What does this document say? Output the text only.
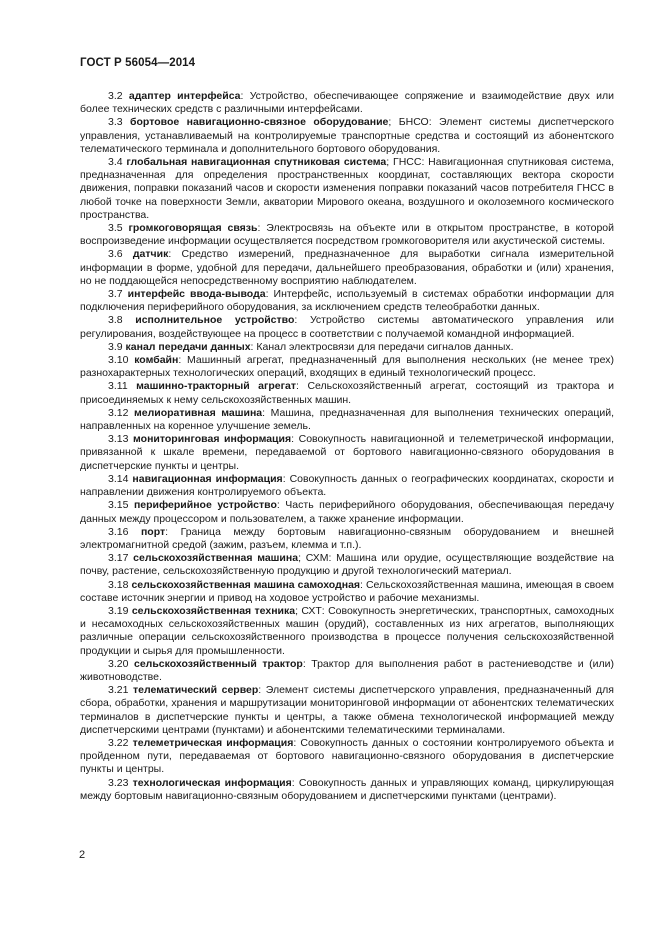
ГОСТ Р 56054—2014

3.2 адаптер интерфейса: Устройство, обеспечивающее сопряжение и взаимодействие двух или более технических средств с различными интерфейсами.

3.3 бортовое навигационно-связное оборудование; БНСО: Элемент системы диспетчерского управления, устанавливаемый на контролируемые транспортные средства и состоящий из абонентского телематического терминала и дополнительного бортового оборудования.

3.4 глобальная навигационная спутниковая система; ГНСС: Навигационная спутниковая система, предназначенная для определения пространственных координат, составляющих вектора скорости движения, поправки показаний часов и скорости изменения поправки показаний часов потребителя ГНСС в любой точке на поверхности Земли, акватории Мирового океана, воздушного и околоземного космического пространства.

3.5 громкоговорящая связь: Электросвязь на объекте или в открытом пространстве, в которой воспроизведение информации осуществляется посредством громкоговорителя или акустической системы.

3.6 датчик: Средство измерений, предназначенное для выработки сигнала измерительной информации в форме, удобной для передачи, дальнейшего преобразования, обработки и (или) хранения, но не поддающейся непосредственному восприятию наблюдателем.

3.7 интерфейс ввода-вывода: Интерфейс, используемый в системах обработки информации для подключения периферийного оборудования, за исключением средств телеобработки данных.

3.8 исполнительное устройство: Устройство системы автоматического управления или регулирования, воздействующее на процесс в соответствии с получаемой командной информацией.

3.9 канал передачи данных: Канал электросвязи для передачи сигналов данных.

3.10 комбайн: Машинный агрегат, предназначенный для выполнения нескольких (не менее трех) разнохарактерных технологических операций, входящих в единый технологический процесс.

3.11 машинно-тракторный агрегат: Сельскохозяйственный агрегат, состоящий из трактора и присоединяемых к нему сельскохозяйственных машин.

3.12 мелиоративная машина: Машина, предназначенная для выполнения технических операций, направленных на коренное улучшение земель.

3.13 мониторинговая информация: Совокупность навигационной и телеметрической информации, привязанной к шкале времени, передаваемой от бортового навигационно-связного оборудования в диспетчерские пункты и центры.

3.14 навигационная информация: Совокупность данных о географических координатах, скорости и направлении движения контролируемого объекта.

3.15 периферийное устройство: Часть периферийного оборудования, обеспечивающая передачу данных между процессором и пользователем, а также хранение информации.

3.16 порт: Граница между бортовым навигационно-связным оборудованием и внешней электромагнитной средой (зажим, разъем, клемма и т.п.).

3.17 сельскохозяйственная машина; СХМ: Машина или орудие, осуществляющие воздействие на почву, растение, сельскохозяйственную продукцию и другой технологический материал.

3.18 сельскохозяйственная машина самоходная: Сельскохозяйственная машина, имеющая в своем составе источник энергии и привод на ходовое устройство и рабочие механизмы.

3.19 сельскохозяйственная техника; СХТ: Совокупность энергетических, транспортных, самоходных и несамоходных сельскохозяйственных машин (орудий), составленных из них агрегатов, выполняющих различные операции сельскохозяйственного производства в процессе получения сельскохозяйственной продукции и сырья для промышленности.

3.20 сельскохозяйственный трактор: Трактор для выполнения работ в растениеводстве и (или) животноводстве.

3.21 телематический сервер: Элемент системы диспетчерского управления, предназначенный для сбора, обработки, хранения и маршрутизации мониторинговой информации от абонентских телематических терминалов в диспетчерские пункты и центры, а также обмена технологической информацией между диспетчерскими центрами (пунктами) и абонентскими телематическими терминалами.

3.22 телеметрическая информация: Совокупность данных о состоянии контролируемого объекта и пройденном пути, передаваемая от бортового навигационно-связного оборудования в диспетчерские пункты и центры.

3.23 технологическая информация: Совокупность данных и управляющих команд, циркулирующая между бортовым навигационно-связным оборудованием и диспетчерскими пунктами (центрами).

2
